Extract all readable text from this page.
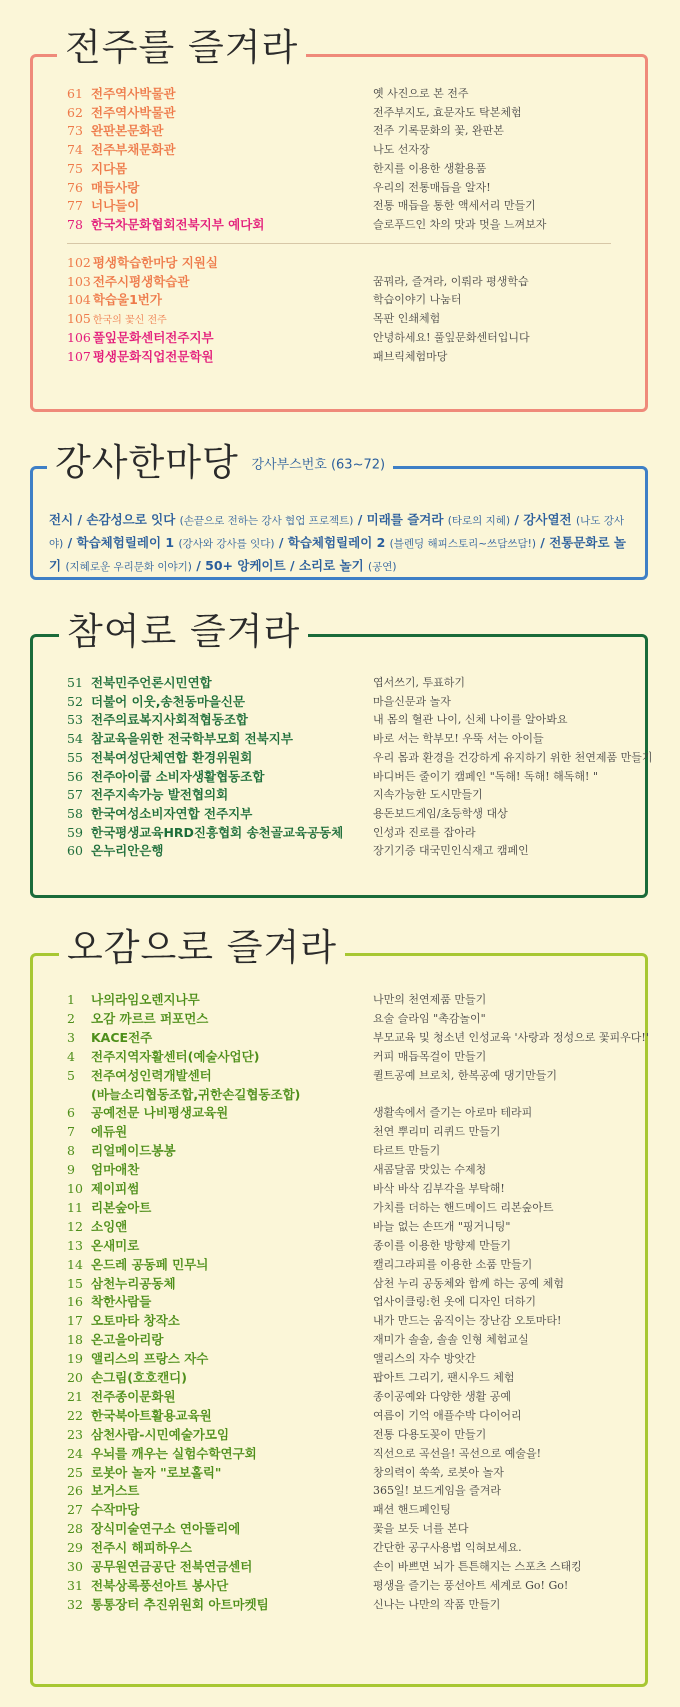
전주를 즐겨라
61 전주역사박물관	옛 사진으로 본 전주
62 전주역사박물관	전주부지도, 효문자도 탁본체험
73 완판본문화관	전주 기록문화의 꽃, 완판본
74 전주부채문화관	나도 선자장
75 지다몸	한지를 이용한 생활용품
76 매듭사랑	우리의 전통매듭을 알자!
77 너나들이	전통 매듭을 통한 액세서리 만들기
78 한국차문화협회전북지부 예다회	슬로푸드인 차의 맛과 멋을 느껴보자
102 평생학습한마당 지원실
103 전주시평생학습관	꿈꿔라, 즐겨라, 이뤄라 평생학습
104 학습울1번가	학습이야기 나눔터
105 한국의 꽃신 전주	목판 인쇄체험
106 풀잎문화센터전주지부	안녕하세요! 풀잎문화센터입니다
107 평생문화직업전문학원	패브릭체험마당
강사한마당 강사부스번호 (63~72)
전시 / 손감성으로 잇다 (손끝으로 전하는 강사 협업 프로젝트) / 미래를 즐겨라 (타로의 지혜) / 강사열전 (나도 강사야) / 학습체험릴레이 1 (강사와 강사를 잇다) / 학습체험릴레이 2 (블렌딩 해피스토리~쓰담쓰담!) / 전통문화로 놀기 (지혜로운 우리문화 이야기) / 50+ 앙케이트 / 소리로 놀기 (공연)
참여로 즐겨라
51 전북민주언론시민연합	엽서쓰기, 투표하기
52 더불어 이웃,송천동마을신문	마을신문과 놀자
53 전주의료복지사회적협동조합	내 몸의 혈관 나이, 신체 나이를 알아봐요
54 참교육을위한 전국학부모회 전북지부	바로 서는 학부모! 우뚝 서는 아이들
55 전북여성단체연합 환경위원회	우리 몸과 환경을 건강하게 유지하기 위한 천연제품 만들기
56 전주아이쿱 소비자생활협동조합	바디버든 줄이기 캠페인 "독해! 독해! 해독해! "
57 전주지속가능 발전협의회	지속가능한 도시만들기
58 한국여성소비자연합 전주지부	용돈보드게임/초등학생 대상
59 한국평생교육HRD진흥협회 송천골교육공동체	인성과 진로를 잡아라
60 온누리안은행	장기기증 대국민인식재고 캠페인
오감으로 즐겨라
1 나의라임오렌지나무	나만의 천연제품 만들기
2 오감 까르르 퍼포먼스	요술 슬라임 "촉감놀이"
3 KACE전주	부모교육 및 청소년 인성교육 '사랑과 정성으로 꽃피우다!'
4 전주지역자활센터(예술사업단)	커피 매듭목걸이 만들기
5 전주여성인력개발센터	퀼트공예 브로치, 한복공예 댕기만들기
(바늘소리협동조합,귀한손길협동조합)
6 공예전문 나비평생교육원	생활속에서 즐기는 아로마 테라피
7 에듀원	천연 뿌리미 리퀴드 만들기
8 리얼메이드봉봉	타르트 만들기
9 엄마애찬	새콤달콤 맛있는 수제청
10 제이피썸	바삭 바삭 김부각을 부탁해!
11 리본숲아트	가치를 더하는 핸드메이드 리본숲아트
12 소잉앤	바늘 없는 손뜨개 "핑거니팅"
13 온새미로	종이를 이용한 방향제 만들기
14 온드레 공동페 민무늬	캘리그라피를 이용한 소품 만들기
15 삼천누리공동체	삼천 누리 공동체와 함께 하는 공예 체험
16 착한사람들	업사이클링:헌 옷에 디자인 더하기
17 오토마타 창작소	내가 만드는 움직이는 장난감 오토마타!
18 온고을아리랑	재미가 솔솔, 솔솔 인형 체험교실
19 앨리스의 프랑스 자수	앨리스의 자수 방앗간
20 손그림(호호캔디)	팝아트 그리기, 팬시우드 체험
21 전주종이문화원	종이공예와 다양한 생활 공예
22 한국북아트활용교육원	여름이 기억 애플수박 다이어리
23 삼천사람-시민예술가모임	전통 다용도꽂이 만들기
24 우뇌를 깨우는 실험수학연구회	직선으로 곡선을! 곡선으로 예술을!
25 로봇아 놀자 "로보홀릭"	창의력이 쑥쑥, 로봇아 놀자
26 보거스트	365일! 보드게임을 즐겨라
27 수작마당	패션 핸드페인팅
28 장식미술연구소 연아뜰리에	꽃을 보듯 너를 본다
29 전주시 해피하우스	간단한 공구사용법 익혀보세요.
30 공무원연금공단 전북연금센터	손이 바쁘면 뇌가 튼튼해지는 스포츠 스태킹
31 전북상록풍선아트 봉사단	평생을 즐기는 풍선아트 세계로 Go! Go!
32 통통장터 추진위원회 아트마켓팀	신나는 나만의 작품 만들기
